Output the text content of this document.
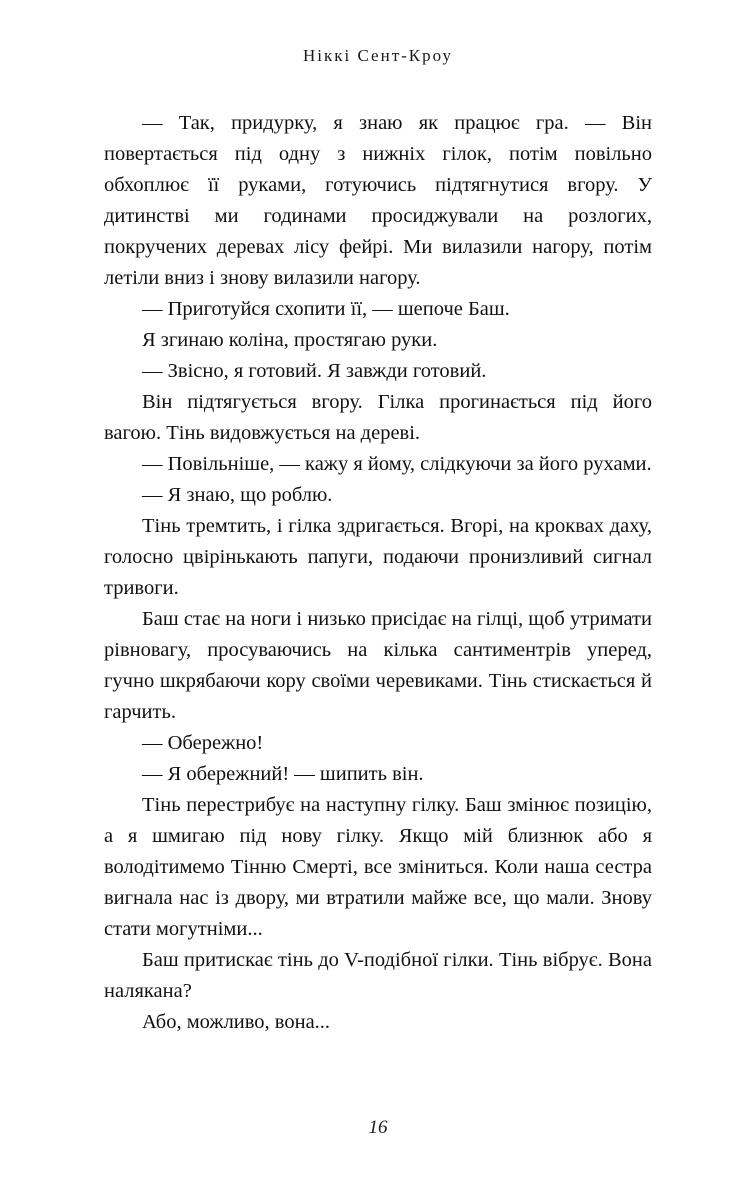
Ніккі Сент-Кроу

— Так, придурку, я знаю як працює гра. — Він повертається під одну з нижніх гілок, потім повільно обхоплює її руками, готуючись підтягнутися вгору. У дитинстві ми годинами просиджували на розлогих, покручених деревах лісу фейрі. Ми вилазили нагору, потім летіли вниз і знову вилазили нагору.

— Приготуйся схопити її, — шепоче Баш.

Я згинаю коліна, простягаю руки.

— Звісно, я готовий. Я завжди готовий.

Він підтягується вгору. Гілка прогинається під його вагою. Тінь видовжується на дереві.

— Повільніше, — кажу я йому, слідкуючи за його рухами.

— Я знаю, що роблю.

Тінь тремтить, і гілка здригається. Вгорі, на кроквах даху, голосно цвірінькають папуги, подаючи пронизливий сигнал тривоги.

Баш стає на ноги і низько присідає на гілці, щоб утримати рівновагу, просуваючись на кілька сантиментрів уперед, гучно шкрябаючи кору своїми черевиками. Тінь стискається й гарчить.

— Обережно!

— Я обережний! — шипить він.

Тінь перестрибує на наступну гілку. Баш змінює позицію, а я шмигаю під нову гілку. Якщо мій близнюк або я володітимемо Тінню Смерті, все зміниться. Коли наша сестра вигнала нас із двору, ми втратили майже все, що мали. Знову стати могутніми...

Баш притискає тінь до V-подібної гілки. Тінь вібрує. Вона налякана?

Або, можливо, вона...

16
